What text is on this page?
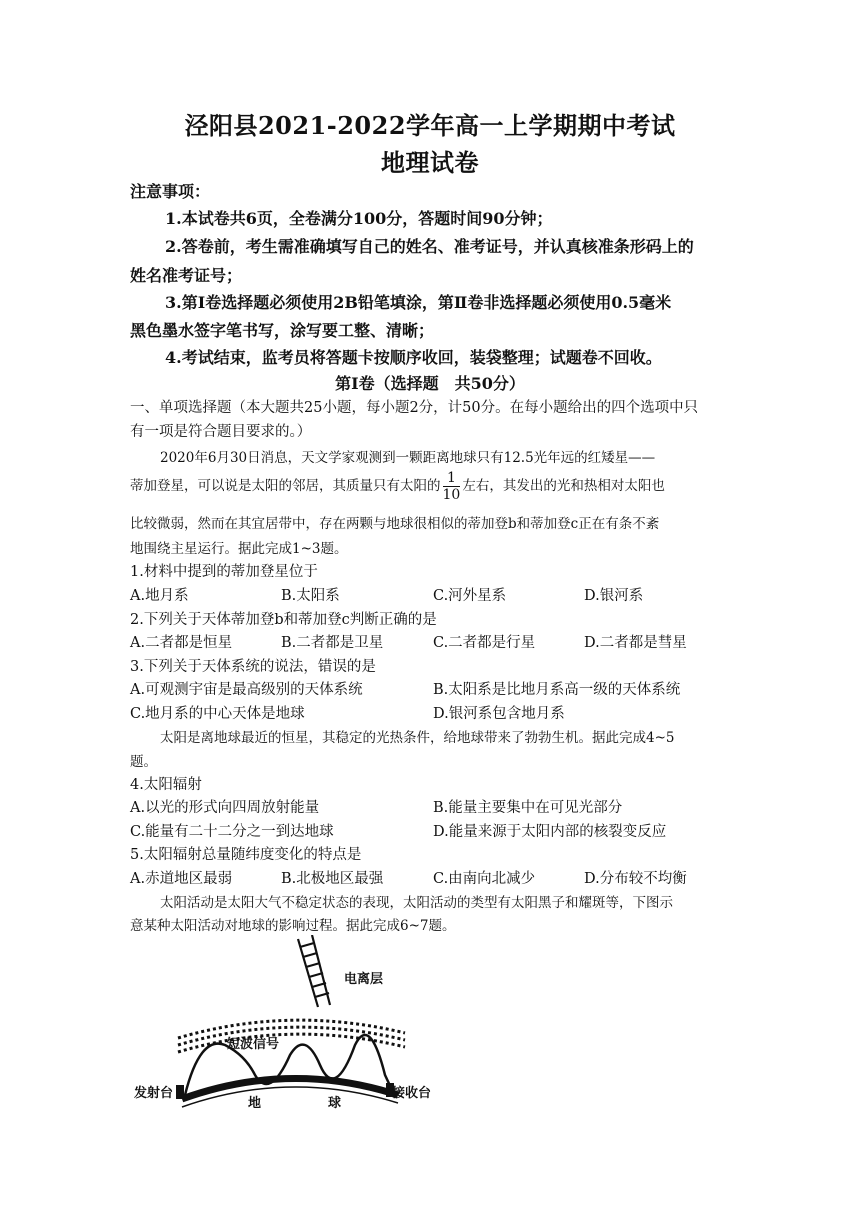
泾阳县2021-2022学年高一上学期期中考试
地理试卷
注意事项：
1.本试卷共6页，全卷满分100分，答题时间90分钟；
2.答卷前，考生需准确填写自己的姓名、准考证号，并认真核准条形码上的
姓名准考证号；
3.第I卷选择题必须使用2B铅笔填涂，第Ⅱ卷非选择题必须使用0.5毫米
黑色墨水签字笔书写，涂写要工整、清晰；
4.考试结束，监考员将答题卡按顺序收回，装袋整理；试题卷不回收。
第I卷（选择题　共50分）
一、单项选择题（本大题共25小题，每小题2分，计50分。在每小题给出的四个选项中只
有一项是符合题目要求的。）
2020年6月30日消息，天文学家观测到一颗距离地球只有12.5光年远的红矮星——
蒂加登星，可以说是太阳的邻居，其质量只有太阳的 $\frac{1}{10}$ 左右，其发出的光和热相对太阳也
比较微弱，然而在其宜居带中，存在两颗与地球很相似的蒂加登b和蒂加登c正在有条不紊
地围绕主星运行。据此完成1~3题。
1.材料中提到的蒂加登星位于
A.地月系	B.太阳系	C.河外星系	D.银河系
2.下列关于天体蒂加登b和蒂加登c判断正确的是
A.二者都是恒星	B.二者都是卫星	C.二者都是行星	D.二者都是彗星
3.下列关于天体系统的说法，错误的是
A.可观测宇宙是最高级别的天体系统	B.太阳系是比地月系高一级的天体系统
C.地月系的中心天体是地球	D.银河系包含地月系
太阳是离地球最近的恒星，其稳定的光热条件，给地球带来了勃勃生机。据此完成4~5
题。
4.太阳辐射
A.以光的形式向四周放射能量	B.能量主要集中在可见光部分
C.能量有二十二分之一到达地球	D.能量来源于太阳内部的核裂变反应
5.太阳辐射总量随纬度变化的特点是
A.赤道地区最弱	B.北极地区最强	C.由南向北减少	D.分布较不均衡
太阳活动是太阳大气不稳定状态的表现，太阳活动的类型有太阳黑子和耀斑等，下图示
意某种太阳活动对地球的影响过程。据此完成6~7题。
电离层
短波信号
发射台	接收台
地	球
